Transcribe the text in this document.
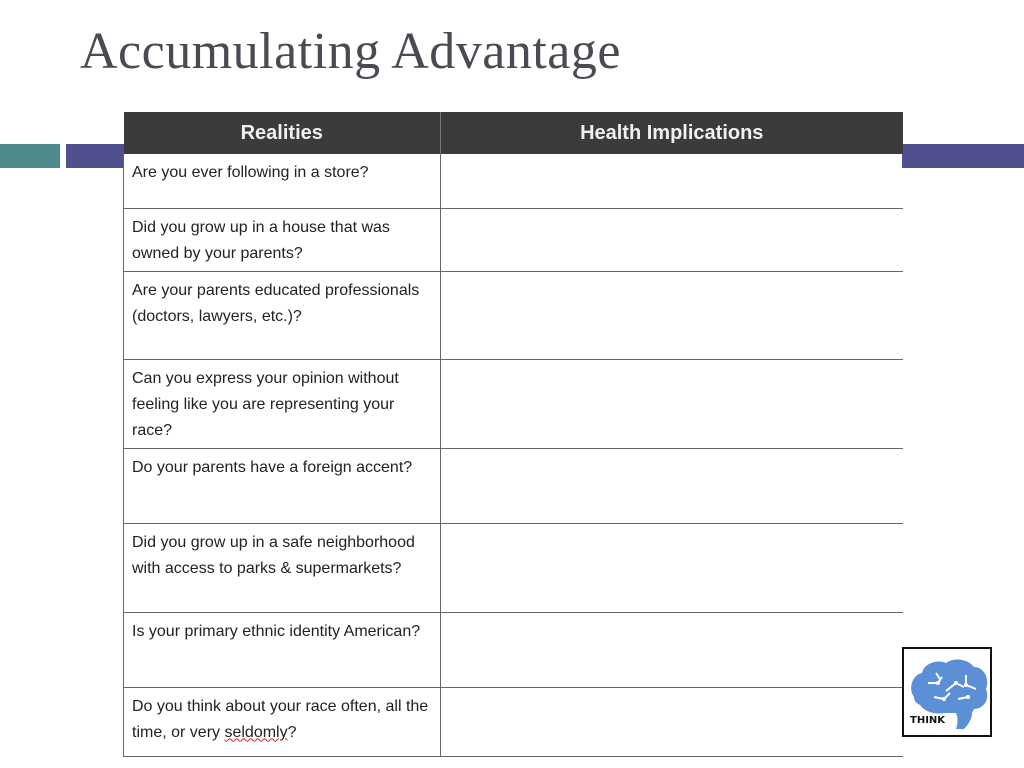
Accumulating Advantage
Realities	Health Implications
Are you ever following in a store?	
Did you grow up in a house that was owned by your parents?	
Are your parents educated professionals (doctors, lawyers, etc.)?	
Can you express your opinion without feeling like you are representing your race?	
Do your parents have a foreign accent?	
Did you grow up in a safe neighborhood with access to parks & supermarkets?	
Is your primary ethnic identity American?	
Do you think about your race often, all the time, or very seldomly?	
THINK
